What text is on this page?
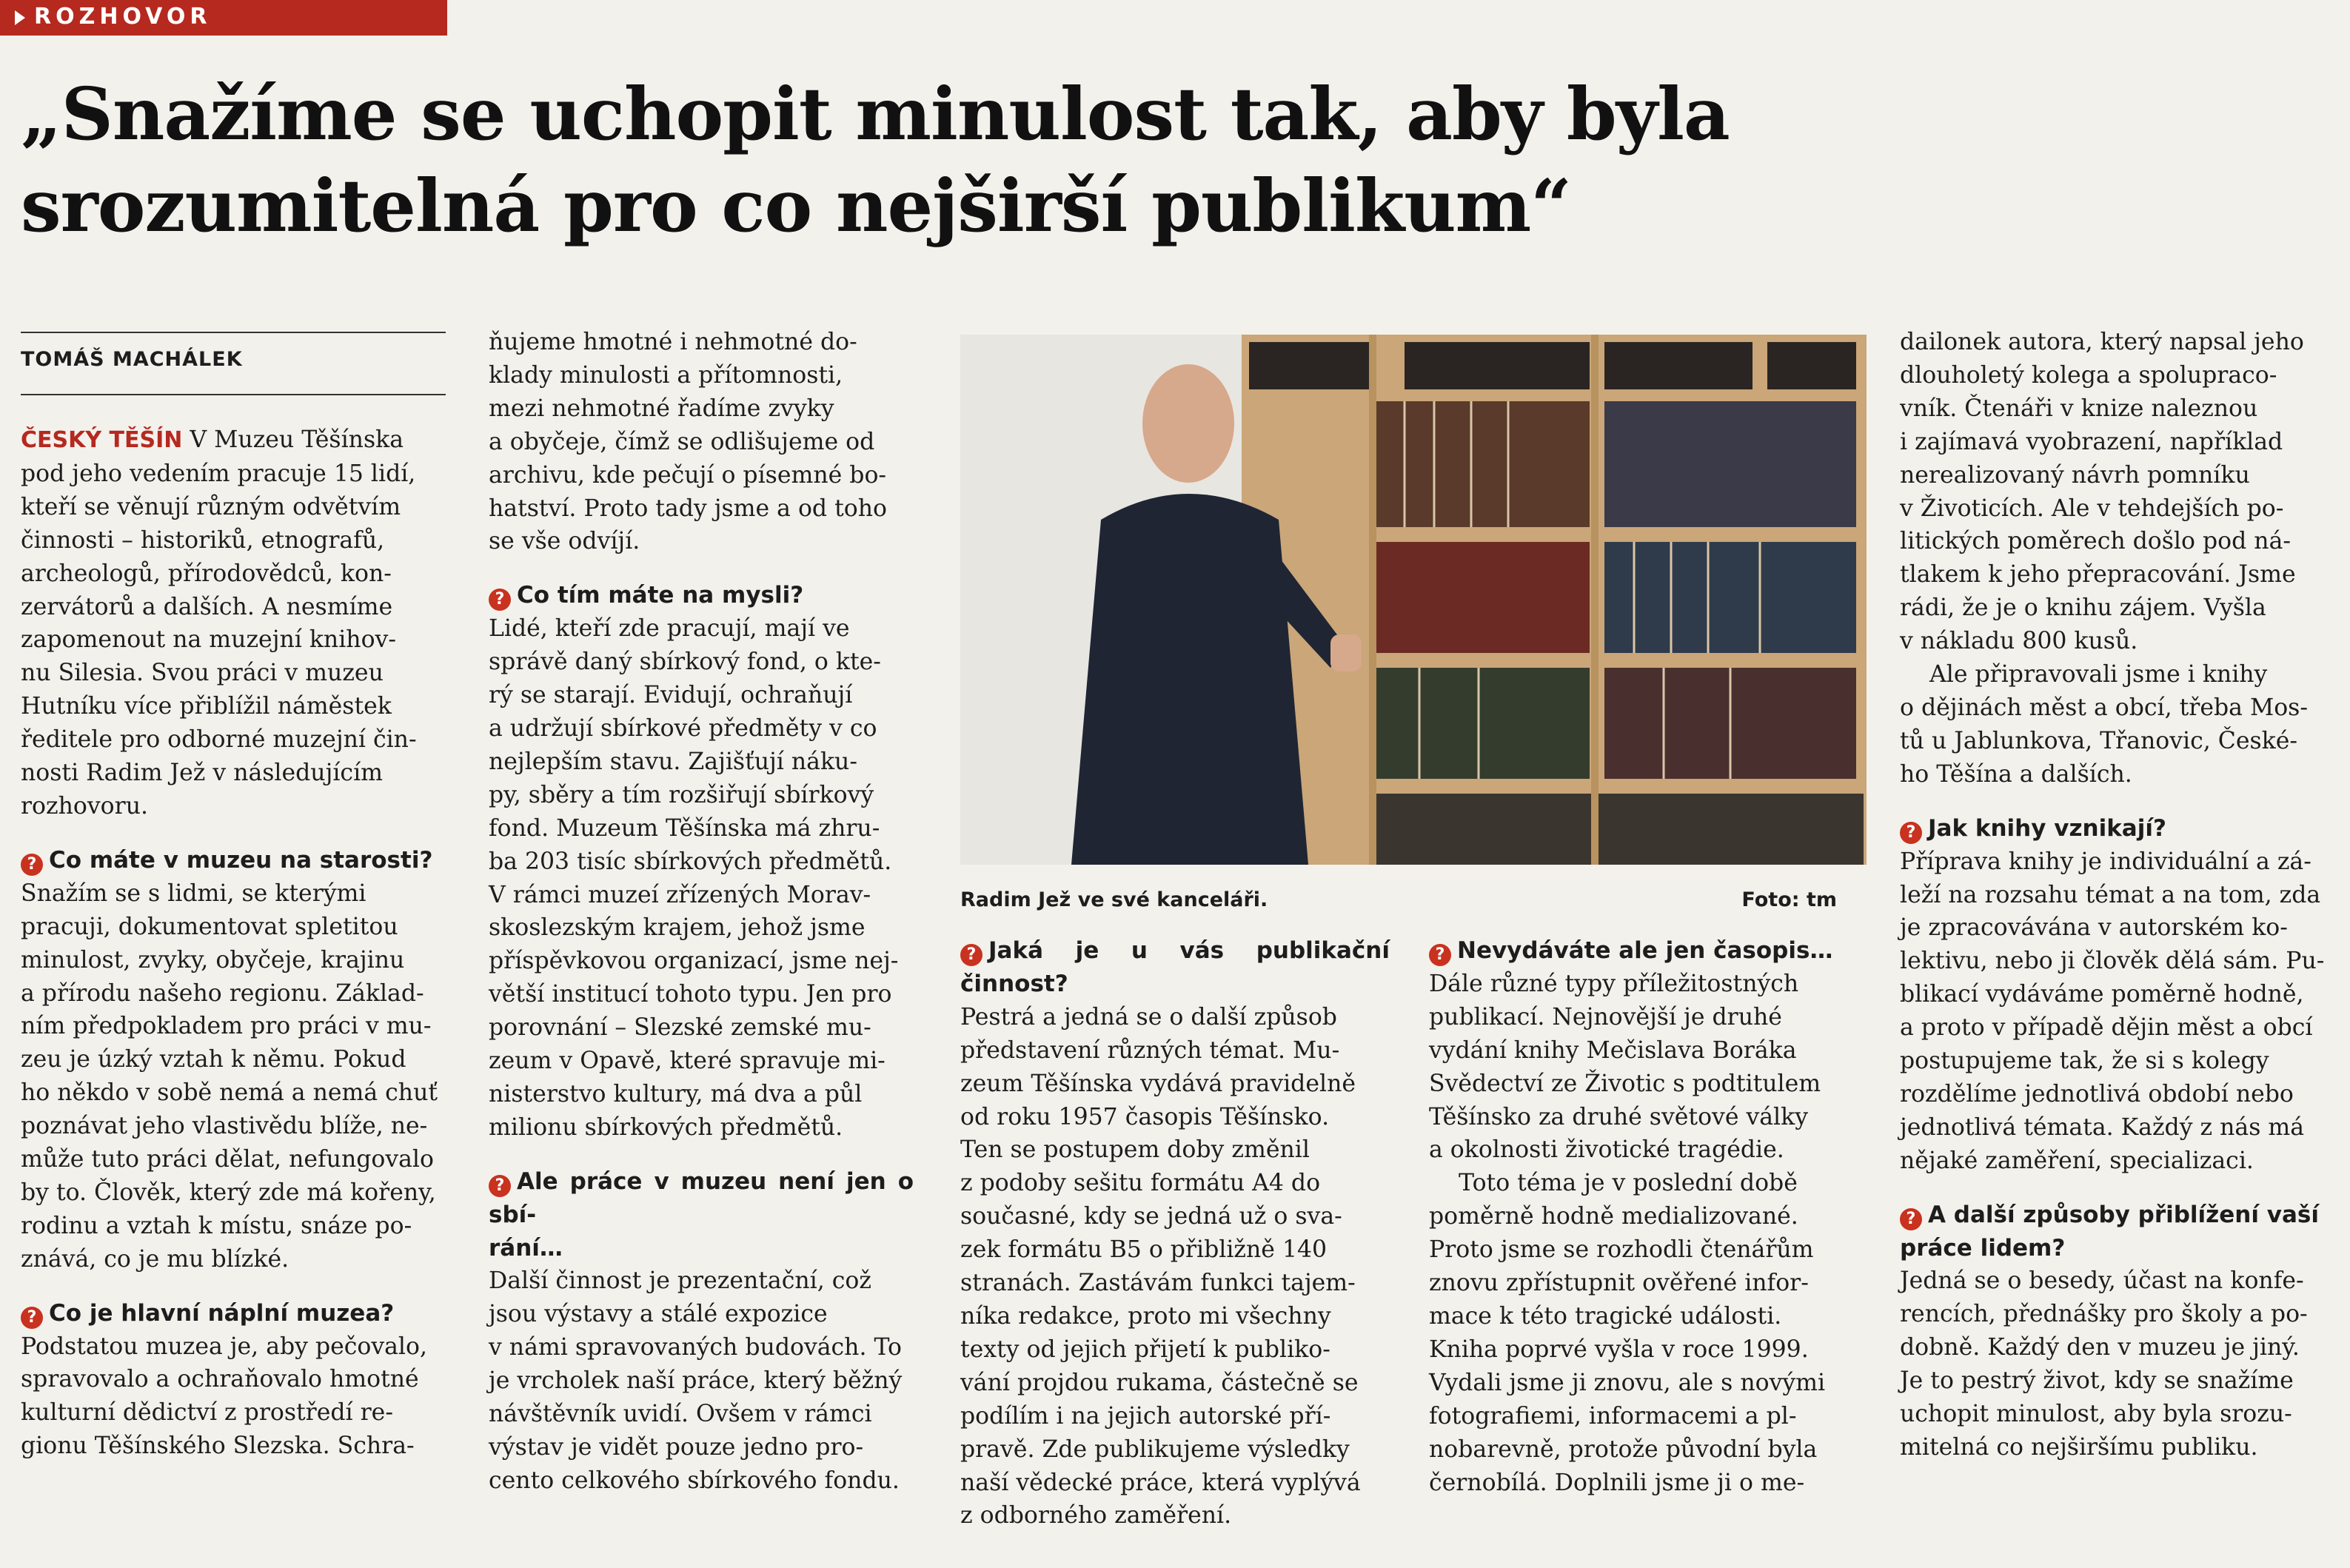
ROZHOVOR
„Snažíme se uchopit minulost tak, aby byla
srozumitelná pro co nejširší publikum“
TOMÁŠ MACHÁLEK
ČESKÝ TĚŠÍN V Muzeu Těšínska
pod jeho vedením pracuje 15 lidí,
kteří se věnují různým odvětvím
činnosti – historiků, etnografů,
archeologů, přírodovědců, kon-
zervátorů a dalších. A nesmíme
zapomenout na muzejní knihov-
nu Silesia. Svou práci v muzeu
Hutníku více přiblížil náměstek
ředitele pro odborné muzejní čin-
nosti Radim Jež v následujícím
rozhovoru.

? Co máte v muzeu na starosti?

Snažím se s lidmi, se kterými
pracuji, dokumentovat spletitou
minulost, zvyky, obyčeje, krajinu
a přírodu našeho regionu. Základ-
ním předpokladem pro práci v mu-
zeu je úzký vztah k němu. Pokud
ho někdo v sobě nemá a nemá chuť
poznávat jeho vlastivědu blíže, ne-
může tuto práci dělat, nefungovalo
by to. Člověk, který zde má kořeny,
rodinu a vztah k místu, snáze po-
znává, co je mu blízké.

? Co je hlavní náplní muzea?

Podstatou muzea je, aby pečovalo,
spravovalo a ochraňovalo hmotné
kulturní dědictví z prostředí re-
gionu Těšínského Slezska. Schra-
ňujeme hmotné i nehmotné do-
klady minulosti a přítomnosti,
mezi nehmotné řadíme zvyky
a obyčeje, čímž se odlišujeme od
archivu, kde pečují o písemné bo-
hatství. Proto tady jsme a od toho
se vše odvíjí.

? Co tím máte na mysli?

Lidé, kteří zde pracují, mají ve
správě daný sbírkový fond, o kte-
rý se starají. Evidují, ochraňují
a udržují sbírkové předměty v co
nejlepším stavu. Zajišťují náku-
py, sběry a tím rozšiřují sbírkový
fond. Muzeum Těšínska má zhru-
ba 203 tisíc sbírkových předmětů.
V rámci muzeí zřízených Morav-
skoslezským krajem, jehož jsme
příspěvkovou organizací, jsme nej-
větší institucí tohoto typu. Jen pro
porovnání – Slezské zemské mu-
zeum v Opavě, které spravuje mi-
nisterstvo kultury, má dva a půl
milionu sbírkových předmětů.

? Ale práce v muzeu není jen o sbí-

rání…
Další činnost je prezentační, což
jsou výstavy a stálé expozice
v námi spravovaných budovách. To
je vrcholek naší práce, který běžný
návštěvník uvidí. Ovšem v rámci
výstav je vidět pouze jedno pro-
cento celkového sbírkového fondu.
Radim Jež ve své kanceláři.	Foto: tm

? Jaká je u vás publikační činnost?

Pestrá a jedná se o další způsob
představení různých témat. Mu-
zeum Těšínska vydává pravidelně
od roku 1957 časopis Těšínsko.
Ten se postupem doby změnil
z podoby sešitu formátu A4 do
současné, kdy se jedná už o sva-
zek formátu B5 o přibližně 140
stranách. Zastávám funkci tajem-
níka redakce, proto mi všechny
texty od jejich přijetí k publiko-
vání projdou rukama, částečně se
podílím i na jejich autorské pří-
pravě. Zde publikujeme výsledky
naší vědecké práce, která vyplývá
z odborného zaměření.

? Nevydáváte ale jen časopis…

Dále různé typy příležitostných
publikací. Nejnovější je druhé
vydání knihy Mečislava Boráka
Svědectví ze Životic s podtitulem
Těšínsko za druhé světové války
a okolnosti životické tragédie.
Toto téma je v poslední době
poměrně hodně medializované.
Proto jsme se rozhodli čtenářům
znovu zpřístupnit ověřené infor-
mace k této tragické události.
Kniha poprvé vyšla v roce 1999.
Vydali jsme ji znovu, ale s novými
fotografiemi, informacemi a pl-
nobarevně, protože původní byla
černobílá. Doplnili jsme ji o me-
dailonek autora, který napsal jeho
dlouholetý kolega a spolupraco-
vník. Čtenáři v knize naleznou
i zajímavá vyobrazení, například
nerealizovaný návrh pomníku
v Životicích. Ale v tehdejších po-
litických poměrech došlo pod ná-
tlakem k jeho přepracování. Jsme
rádi, že je o knihu zájem. Vyšla
v nákladu 800 kusů.
Ale připravovali jsme i knihy
o dějinách měst a obcí, třeba Mos-
tů u Jablunkova, Třanovic, České-
ho Těšína a dalších.

? Jak knihy vznikají?

Příprava knihy je individuální a zá-
leží na rozsahu témat a na tom, zda
je zpracovávána v autorském ko-
lektivu, nebo ji člověk dělá sám. Pu-
blikací vydáváme poměrně hodně,
a proto v případě dějin měst a obcí
postupujeme tak, že si s kolegy
rozdělíme jednotlivá období nebo
jednotlivá témata. Každý z nás má
nějaké zaměření, specializaci.

? A další způsoby přiblížení vaší

práce lidem?
Jedná se o besedy, účast na konfe-
rencích, přednášky pro školy a po-
dobně. Každý den v muzeu je jiný.
Je to pestrý život, kdy se snažíme
uchopit minulost, aby byla srozu-
mitelná co nejširšímu publiku.
